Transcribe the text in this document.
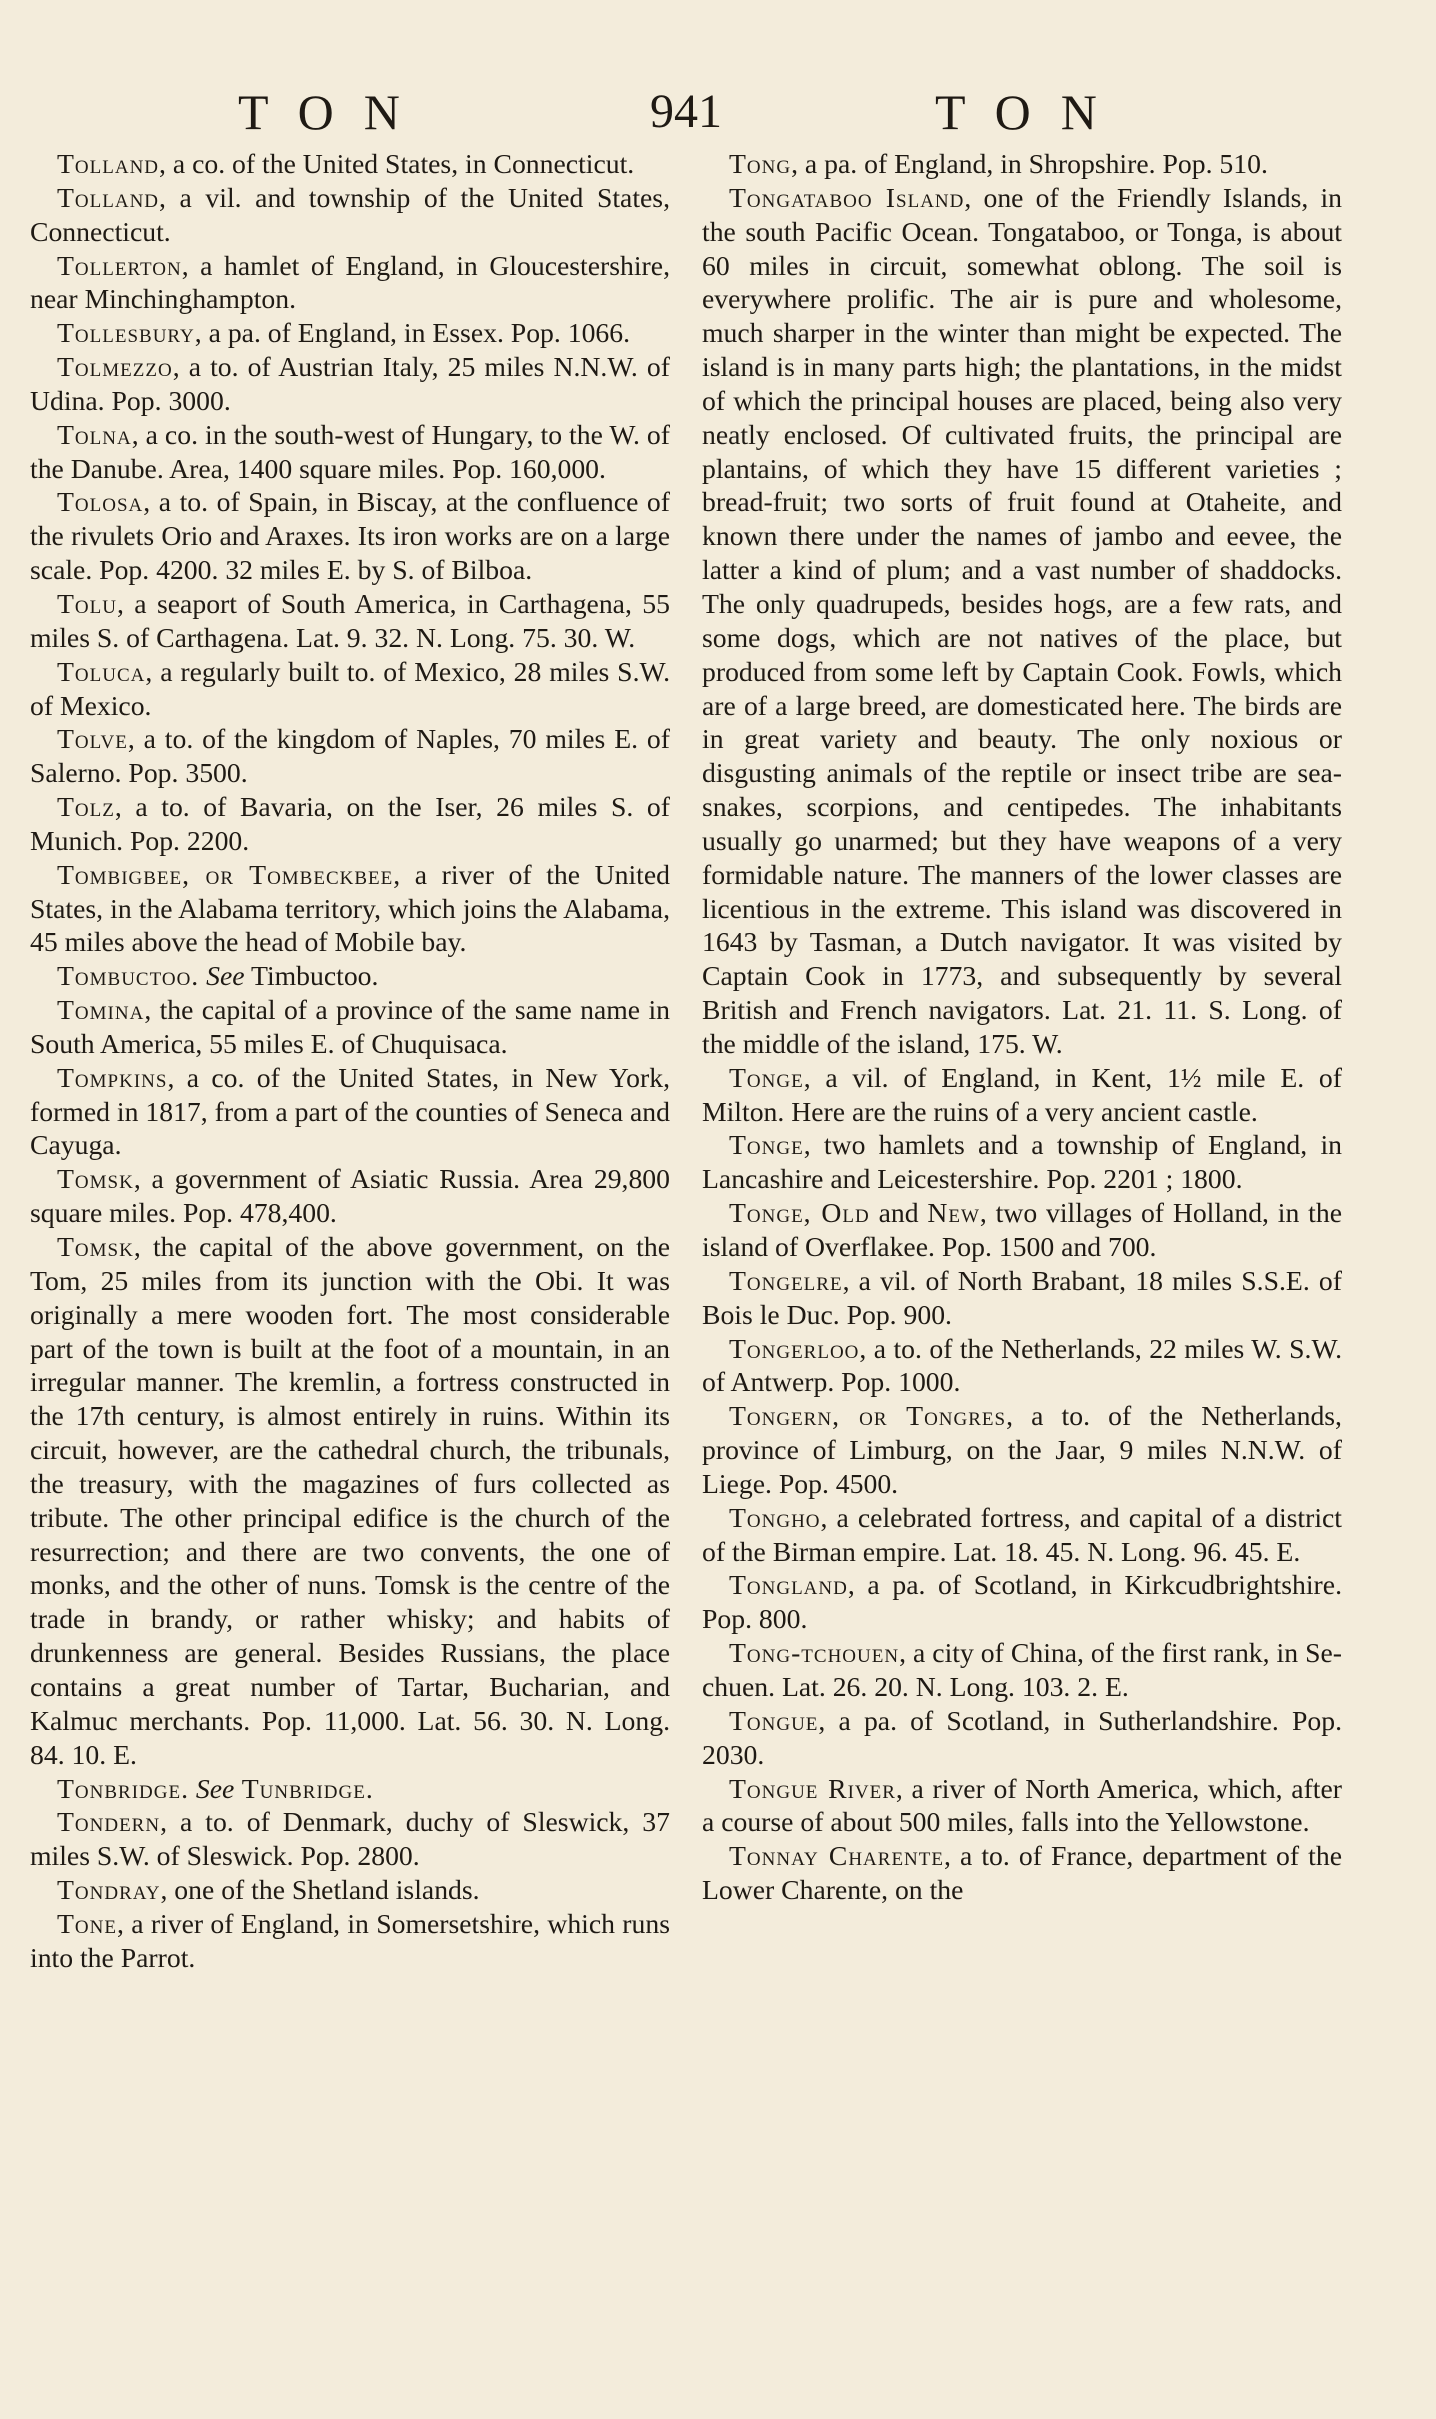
TON	941	TON

Tolland, a co. of the United States, in Connecticut.

Tolland, a vil. and township of the United States, Connecticut.

Tollerton, a hamlet of England, in Gloucestershire, near Minchinghampton.

Tollesbury, a pa. of England, in Essex. Pop. 1066.

Tolmezzo, a to. of Austrian Italy, 25 miles N.N.W. of Udina. Pop. 3000.

Tolna, a co. in the south-west of Hungary, to the W. of the Danube. Area, 1400 square miles. Pop. 160,000.

Tolosa, a to. of Spain, in Biscay, at the confluence of the rivulets Orio and Araxes. Its iron works are on a large scale. Pop. 4200. 32 miles E. by S. of Bilboa.

Tolu, a seaport of South America, in Carthagena, 55 miles S. of Carthagena. Lat. 9. 32. N. Long. 75. 30. W.

Toluca, a regularly built to. of Mexico, 28 miles S.W. of Mexico.

Tolve, a to. of the kingdom of Naples, 70 miles E. of Salerno. Pop. 3500.

Tolz, a to. of Bavaria, on the Iser, 26 miles S. of Munich. Pop. 2200.

Tombigbee, or Tombeckbee, a river of the United States, in the Alabama territory, which joins the Alabama, 45 miles above the head of Mobile bay.

Tombuctoo. See Timbuctoo.

Tomina, the capital of a province of the same name in South America, 55 miles E. of Chuquisaca.

Tompkins, a co. of the United States, in New York, formed in 1817, from a part of the counties of Seneca and Cayuga.

Tomsk, a government of Asiatic Russia. Area 29,800 square miles. Pop. 478,400.

Tomsk, the capital of the above government, on the Tom, 25 miles from its junction with the Obi. It was originally a mere wooden fort. The most considerable part of the town is built at the foot of a mountain, in an irregular manner. The kremlin, a fortress constructed in the 17th century, is almost entirely in ruins. Within its circuit, however, are the cathedral church, the tribunals, the treasury, with the magazines of furs collected as tribute. The other principal edifice is the church of the resurrection; and there are two convents, the one of monks, and the other of nuns. Tomsk is the centre of the trade in brandy, or rather whisky; and habits of drunkenness are general. Besides Russians, the place contains a great number of Tartar, Bucharian, and Kalmuc merchants. Pop. 11,000. Lat. 56. 30. N. Long. 84. 10. E.

Tonbridge. See Tunbridge.

Tondern, a to. of Denmark, duchy of Sleswick, 37 miles S.W. of Sleswick. Pop. 2800.

Tondray, one of the Shetland islands.

Tone, a river of England, in Somersetshire, which runs into the Parrot.

Tong, a pa. of England, in Shropshire. Pop. 510.

Tongataboo Island, one of the Friendly Islands, in the south Pacific Ocean. Tongataboo, or Tonga, is about 60 miles in circuit, somewhat oblong. The soil is everywhere prolific. The air is pure and wholesome, much sharper in the winter than might be expected. The island is in many parts high; the plantations, in the midst of which the principal houses are placed, being also very neatly enclosed. Of cultivated fruits, the principal are plantains, of which they have 15 different varieties ; bread-fruit; two sorts of fruit found at Otaheite, and known there under the names of jambo and eevee, the latter a kind of plum; and a vast number of shaddocks. The only quadrupeds, besides hogs, are a few rats, and some dogs, which are not natives of the place, but produced from some left by Captain Cook. Fowls, which are of a large breed, are domesticated here. The birds are in great variety and beauty. The only noxious or disgusting animals of the reptile or insect tribe are sea-snakes, scorpions, and centipedes. The inhabitants usually go unarmed; but they have weapons of a very formidable nature. The manners of the lower classes are licentious in the extreme. This island was discovered in 1643 by Tasman, a Dutch navigator. It was visited by Captain Cook in 1773, and subsequently by several British and French navigators. Lat. 21. 11. S. Long. of the middle of the island, 175. W.

Tonge, a vil. of England, in Kent, 1½ mile E. of Milton. Here are the ruins of a very ancient castle.

Tonge, two hamlets and a township of England, in Lancashire and Leicestershire. Pop. 2201 ; 1800.

Tonge, Old and New, two villages of Holland, in the island of Overflakee. Pop. 1500 and 700.

Tongelre, a vil. of North Brabant, 18 miles S.S.E. of Bois le Duc. Pop. 900.

Tongerloo, a to. of the Netherlands, 22 miles W. S.W. of Antwerp. Pop. 1000.

Tongern, or Tongres, a to. of the Netherlands, province of Limburg, on the Jaar, 9 miles N.N.W. of Liege. Pop. 4500.

Tongho, a celebrated fortress, and capital of a district of the Birman empire. Lat. 18. 45. N. Long. 96. 45. E.

Tongland, a pa. of Scotland, in Kirkcudbrightshire. Pop. 800.

Tong-tchouen, a city of China, of the first rank, in Se-chuen. Lat. 26. 20. N. Long. 103. 2. E.

Tongue, a pa. of Scotland, in Sutherlandshire. Pop. 2030.

Tongue River, a river of North America, which, after a course of about 500 miles, falls into the Yellowstone.

Tonnay Charente, a to. of France, department of the Lower Charente, on the
